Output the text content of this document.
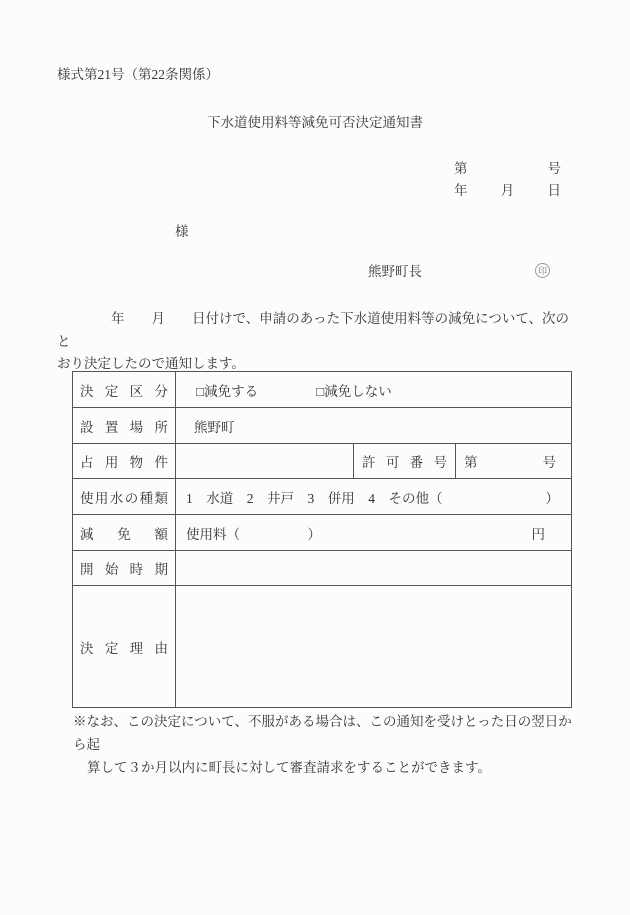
様式第21号（第22条関係）
下水道使用料等減免可否決定通知書
第	号
年 月 日
様
熊野町長	印
　　　　年　　月　　日付けで、申請のあった下水道使用料等の減免について、次のと
おり決定したので通知します。
決定区分 □減免する	□減免しない
設置場所 熊野町
占用物件	許可番号 第	号
使用水の種類 1　水道　2　井戸　3　併用　4　その他（	）
減免額 使用料（　　　　　）	円
開始時期
決定理由
※なお、この決定について、不服がある場合は、この通知を受けとった日の翌日から起
算して３か月以内に町長に対して審査請求をすることができます。
